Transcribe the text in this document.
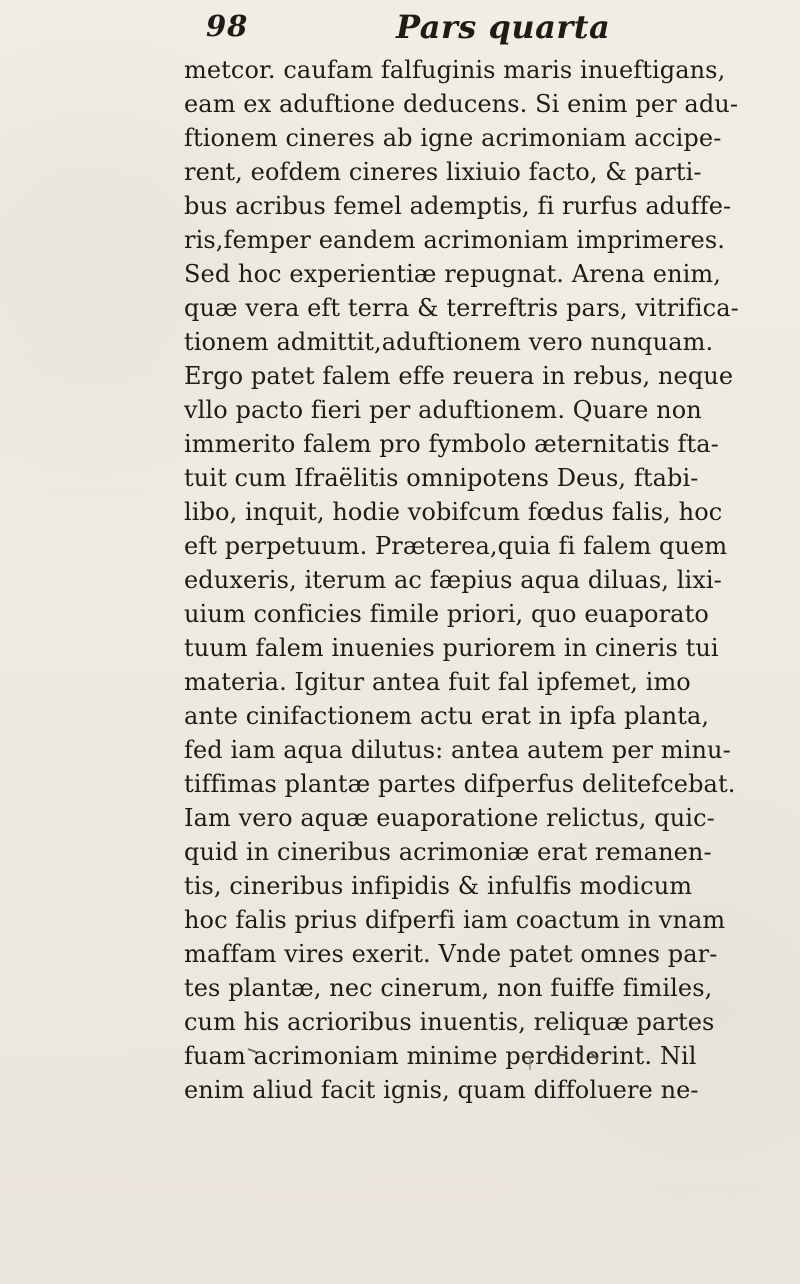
98	Pars quarta
metcor. caufam falfuginis maris inueftigans,
eam ex aduftione deducens. Si enim per adu-
ftionem cineres ab igne acrimoniam accipe-
rent, eofdem cineres lixiuio facto, & parti-
bus acribus femel ademptis, fi rurfus aduffe-
ris,femper eandem acrimoniam imprimeres.
Sed hoc experientiæ repugnat. Arena enim,
quæ vera eft terra & terreftris pars, vitrifica-
tionem admittit,aduftionem vero nunquam.
Ergo patet falem effe reuera in rebus, neque
vllo pacto fieri per aduftionem. Quare non
immerito falem pro fymbolo æternitatis fta-
tuit cum Ifraëlitis omnipotens Deus, ftabi-
libo, inquit, hodie vobifcum fœdus falis, hoc
eft perpetuum. Præterea,quia fi falem quem
eduxeris, iterum ac fæpius aqua diluas, lixi-
uium conficies fimile priori, quo euaporato
tuum falem inuenies puriorem in cineris tui
materia. Igitur antea fuit fal ipfemet, imo
ante cinifactionem actu erat in ipfa planta,
fed iam aqua dilutus: antea autem per minu-
tiffimas plantæ partes difperfus delitefcebat.
Iam vero aquæ euaporatione relictus, quic-
quid in cineribus acrimoniæ erat remanen-
tis, cineribus infipidis & infulfis modicum
hoc falis prius difperfi iam coactum in vnam
maffam vires exerit. Vnde patet omnes par-
tes plantæ, nec cinerum, non fuiffe fimiles,
cum his acrioribus inuentis, reliquæ partes
fuam acrimoniam minime perdiderint. Nil
enim aliud facit ignis, quam diffoluere ne-
